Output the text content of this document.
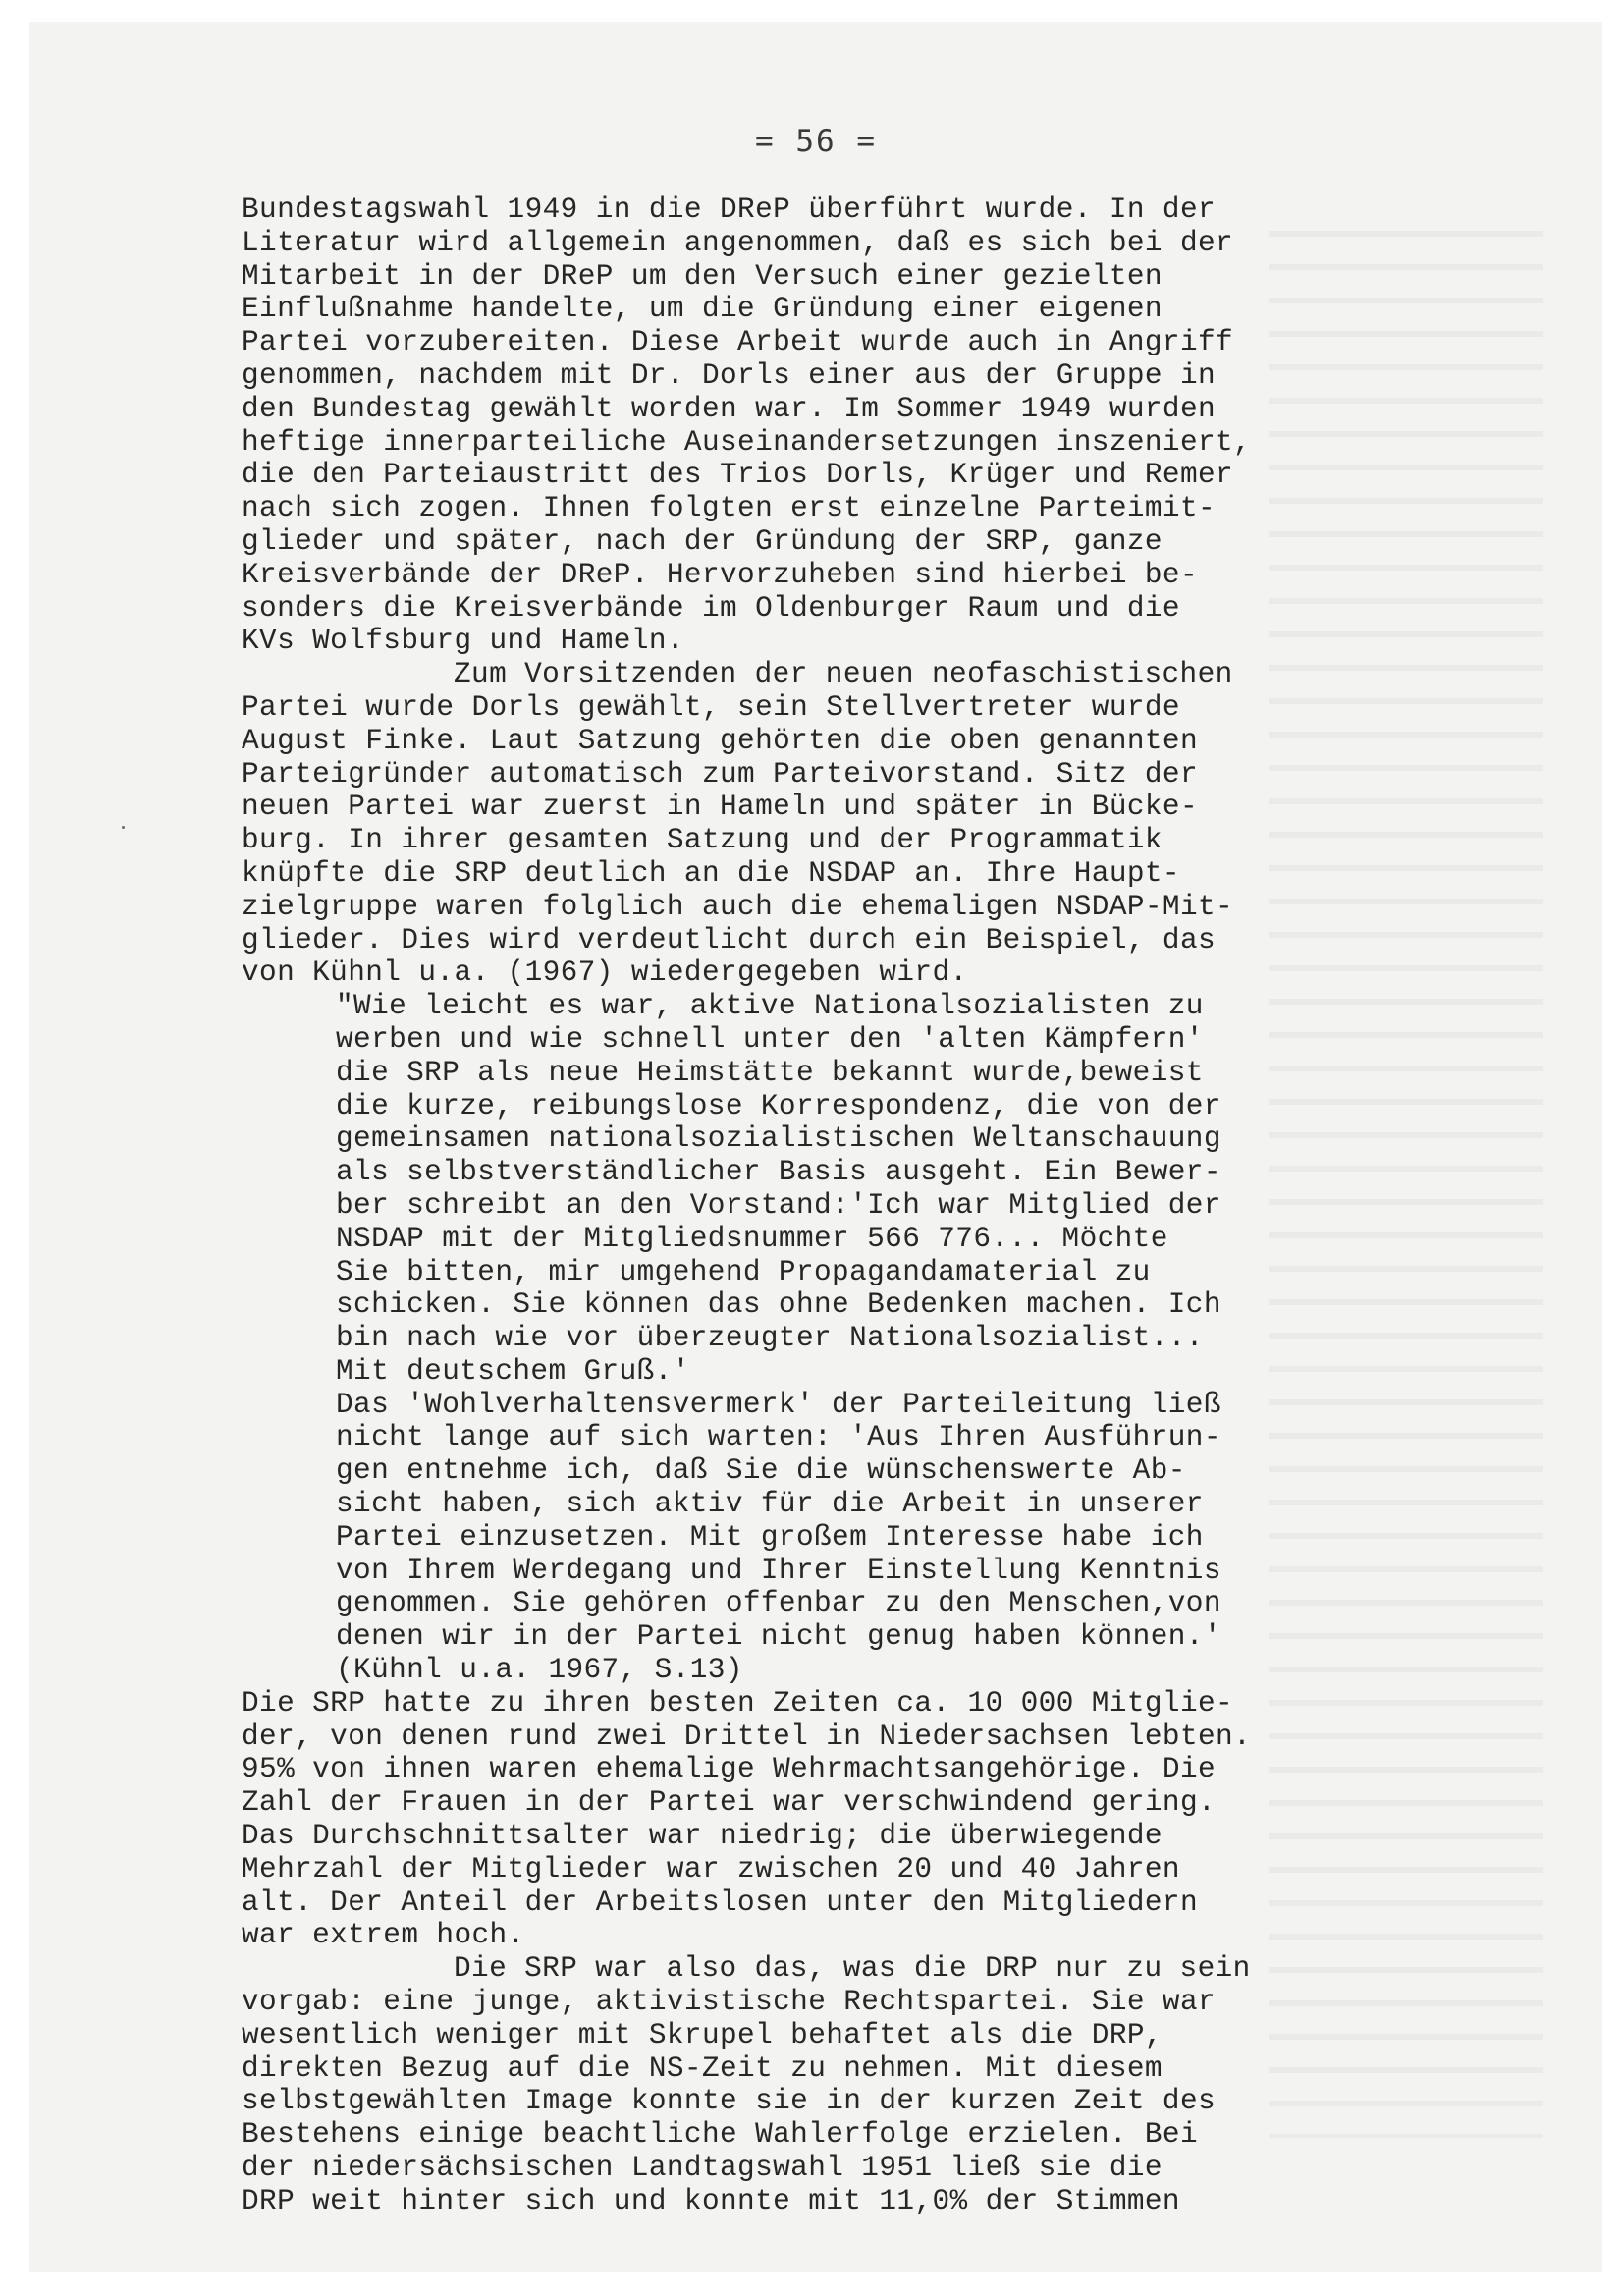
= 56 =
Bundestagswahl 1949 in die DReP überführt wurde. In der
Literatur wird allgemein angenommen, daß es sich bei der
Mitarbeit in der DReP um den Versuch einer gezielten
Einflußnahme handelte, um die Gründung einer eigenen
Partei vorzubereiten. Diese Arbeit wurde auch in Angriff
genommen, nachdem mit Dr. Dorls einer aus der Gruppe in
den Bundestag gewählt worden war. Im Sommer 1949 wurden
heftige innerparteiliche Auseinandersetzungen inszeniert,
die den Parteiaustritt des Trios Dorls, Krüger und Remer
nach sich zogen. Ihnen folgten erst einzelne Parteimit-
glieder und später, nach der Gründung der SRP, ganze
Kreisverbände der DReP. Hervorzuheben sind hierbei be-
sonders die Kreisverbände im Oldenburger Raum und die
KVs Wolfsburg und Hameln.
Zum Vorsitzenden der neuen neofaschistischen
Partei wurde Dorls gewählt, sein Stellvertreter wurde
August Finke. Laut Satzung gehörten die oben genannten
Parteigründer automatisch zum Parteivorstand. Sitz der
neuen Partei war zuerst in Hameln und später in Bücke-
burg. In ihrer gesamten Satzung und der Programmatik
knüpfte die SRP deutlich an die NSDAP an. Ihre Haupt-
zielgruppe waren folglich auch die ehemaligen NSDAP-Mit-
glieder. Dies wird verdeutlicht durch ein Beispiel, das
von Kühnl u.a. (1967) wiedergegeben wird.
"Wie leicht es war, aktive Nationalsozialisten zu
werben und wie schnell unter den 'alten Kämpfern'
die SRP als neue Heimstätte bekannt wurde,beweist
die kurze, reibungslose Korrespondenz, die von der
gemeinsamen nationalsozialistischen Weltanschauung
als selbstverständlicher Basis ausgeht. Ein Bewer-
ber schreibt an den Vorstand:'Ich war Mitglied der
NSDAP mit der Mitgliedsnummer 566 776... Möchte
Sie bitten, mir umgehend Propagandamaterial zu
schicken. Sie können das ohne Bedenken machen. Ich
bin nach wie vor überzeugter Nationalsozialist...
Mit deutschem Gruß.'
Das 'Wohlverhaltensvermerk' der Parteileitung ließ
nicht lange auf sich warten: 'Aus Ihren Ausführun-
gen entnehme ich, daß Sie die wünschenswerte Ab-
sicht haben, sich aktiv für die Arbeit in unserer
Partei einzusetzen. Mit großem Interesse habe ich
von Ihrem Werdegang und Ihrer Einstellung Kenntnis
genommen. Sie gehören offenbar zu den Menschen,von
denen wir in der Partei nicht genug haben können.'
(Kühnl u.a. 1967, S.13)
Die SRP hatte zu ihren besten Zeiten ca. 10 000 Mitglie-
der, von denen rund zwei Drittel in Niedersachsen lebten.
95% von ihnen waren ehemalige Wehrmachtsangehörige. Die
Zahl der Frauen in der Partei war verschwindend gering.
Das Durchschnittsalter war niedrig; die überwiegende
Mehrzahl der Mitglieder war zwischen 20 und 40 Jahren
alt. Der Anteil der Arbeitslosen unter den Mitgliedern
war extrem hoch.
Die SRP war also das, was die DRP nur zu sein
vorgab: eine junge, aktivistische Rechtspartei. Sie war
wesentlich weniger mit Skrupel behaftet als die DRP,
direkten Bezug auf die NS-Zeit zu nehmen. Mit diesem
selbstgewählten Image konnte sie in der kurzen Zeit des
Bestehens einige beachtliche Wahlerfolge erzielen. Bei
der niedersächsischen Landtagswahl 1951 ließ sie die
DRP weit hinter sich und konnte mit 11,0% der Stimmen
